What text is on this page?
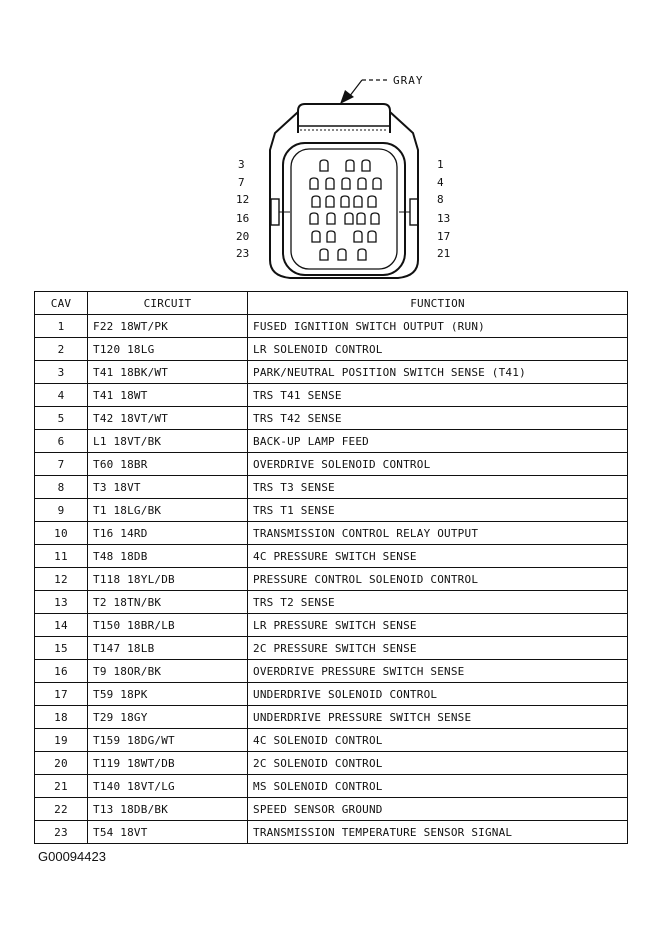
GRAY
3
7
12
16
20
23
1
4
8
13
17
21
CAV	CIRCUIT	FUNCTION
1	F22 18WT/PK	FUSED IGNITION SWITCH OUTPUT (RUN)
2	T120 18LG	LR SOLENOID CONTROL
3	T41 18BK/WT	PARK/NEUTRAL POSITION SWITCH SENSE (T41)
4	T41 18WT	TRS T41 SENSE
5	T42 18VT/WT	TRS T42 SENSE
6	L1 18VT/BK	BACK-UP LAMP FEED
7	T60 18BR	OVERDRIVE SOLENOID CONTROL
8	T3 18VT	TRS T3 SENSE
9	T1 18LG/BK	TRS T1 SENSE
10	T16 14RD	TRANSMISSION CONTROL RELAY OUTPUT
11	T48 18DB	4C PRESSURE SWITCH SENSE
12	T118 18YL/DB	PRESSURE CONTROL SOLENOID CONTROL
13	T2 18TN/BK	TRS T2 SENSE
14	T150 18BR/LB	LR PRESSURE SWITCH SENSE
15	T147 18LB	2C PRESSURE SWITCH SENSE
16	T9 18OR/BK	OVERDRIVE PRESSURE SWITCH SENSE
17	T59 18PK	UNDERDRIVE SOLENOID CONTROL
18	T29 18GY	UNDERDRIVE PRESSURE SWITCH SENSE
19	T159 18DG/WT	4C SOLENOID CONTROL
20	T119 18WT/DB	2C SOLENOID CONTROL
21	T140 18VT/LG	MS SOLENOID CONTROL
22	T13 18DB/BK	SPEED SENSOR GROUND
23	T54 18VT	TRANSMISSION TEMPERATURE SENSOR SIGNAL
G00094423
